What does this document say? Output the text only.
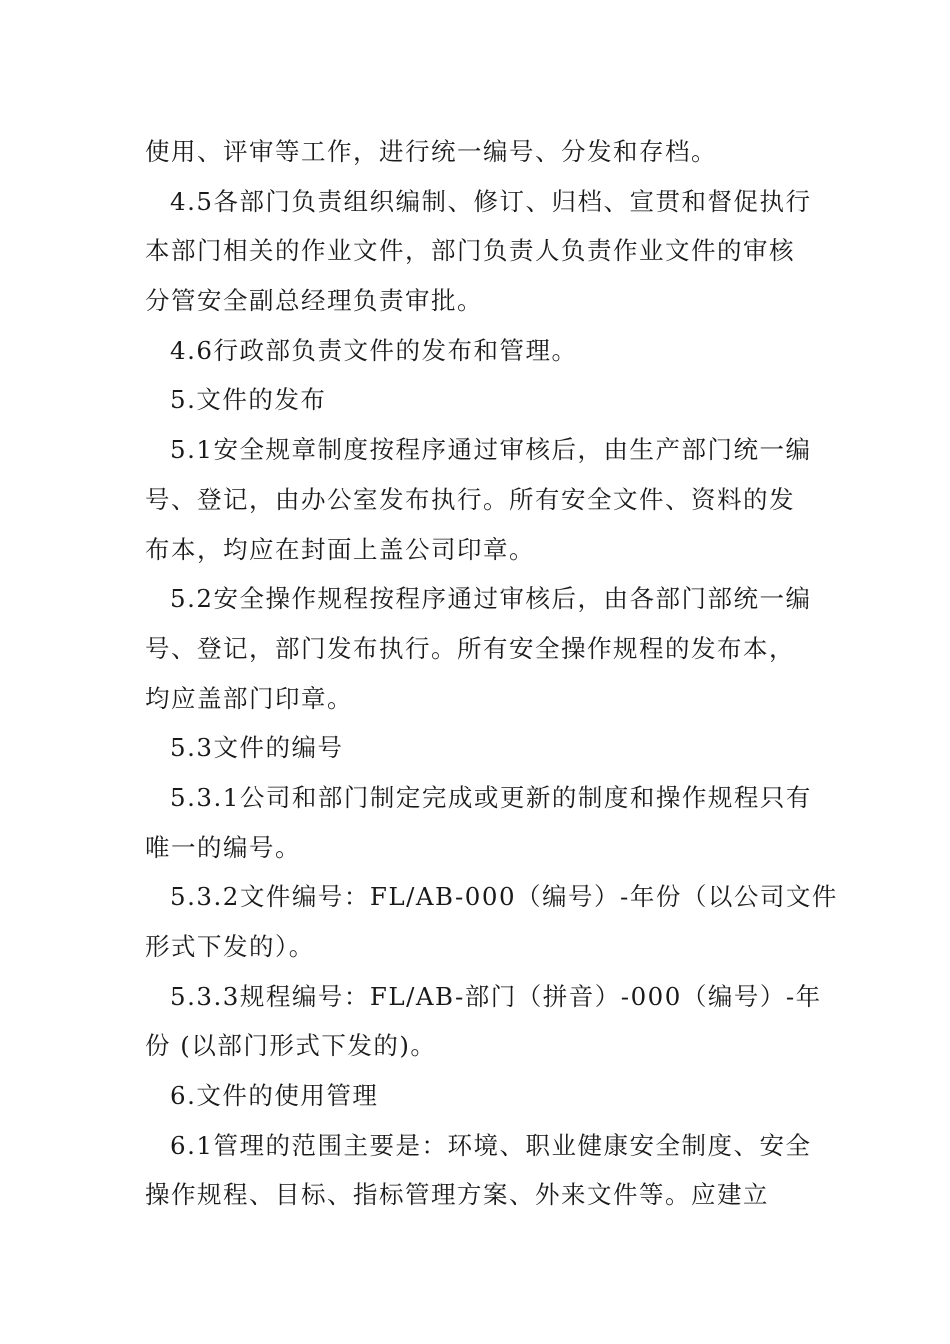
使用、评审等工作，进行统一编号、分发和存档。
4.5各部门负责组织编制、修订、归档、宣贯和督促执行
本部门相关的作业文件，部门负责人负责作业文件的审核
分管安全副总经理负责审批。
4.6行政部负责文件的发布和管理。
5.文件的发布
5.1安全规章制度按程序通过审核后，由生产部门统一编
号、登记，由办公室发布执行。所有安全文件、资料的发
布本，均应在封面上盖公司印章。
5.2安全操作规程按程序通过审核后，由各部门部统一编
号、登记，部门发布执行。所有安全操作规程的发布本，
均应盖部门印章。
5.3文件的编号
5.3.1公司和部门制定完成或更新的制度和操作规程只有
唯一的编号。
5.3.2文件编号：FL/AB-000（编号）-年份（以公司文件
形式下发的）。
5.3.3规程编号：FL/AB-部门（拼音）-000（编号）-年
份 (以部门形式下发的)。
6.文件的使用管理
6.1管理的范围主要是：环境、职业健康安全制度、安全
操作规程、目标、指标管理方案、外来文件等。应建立
